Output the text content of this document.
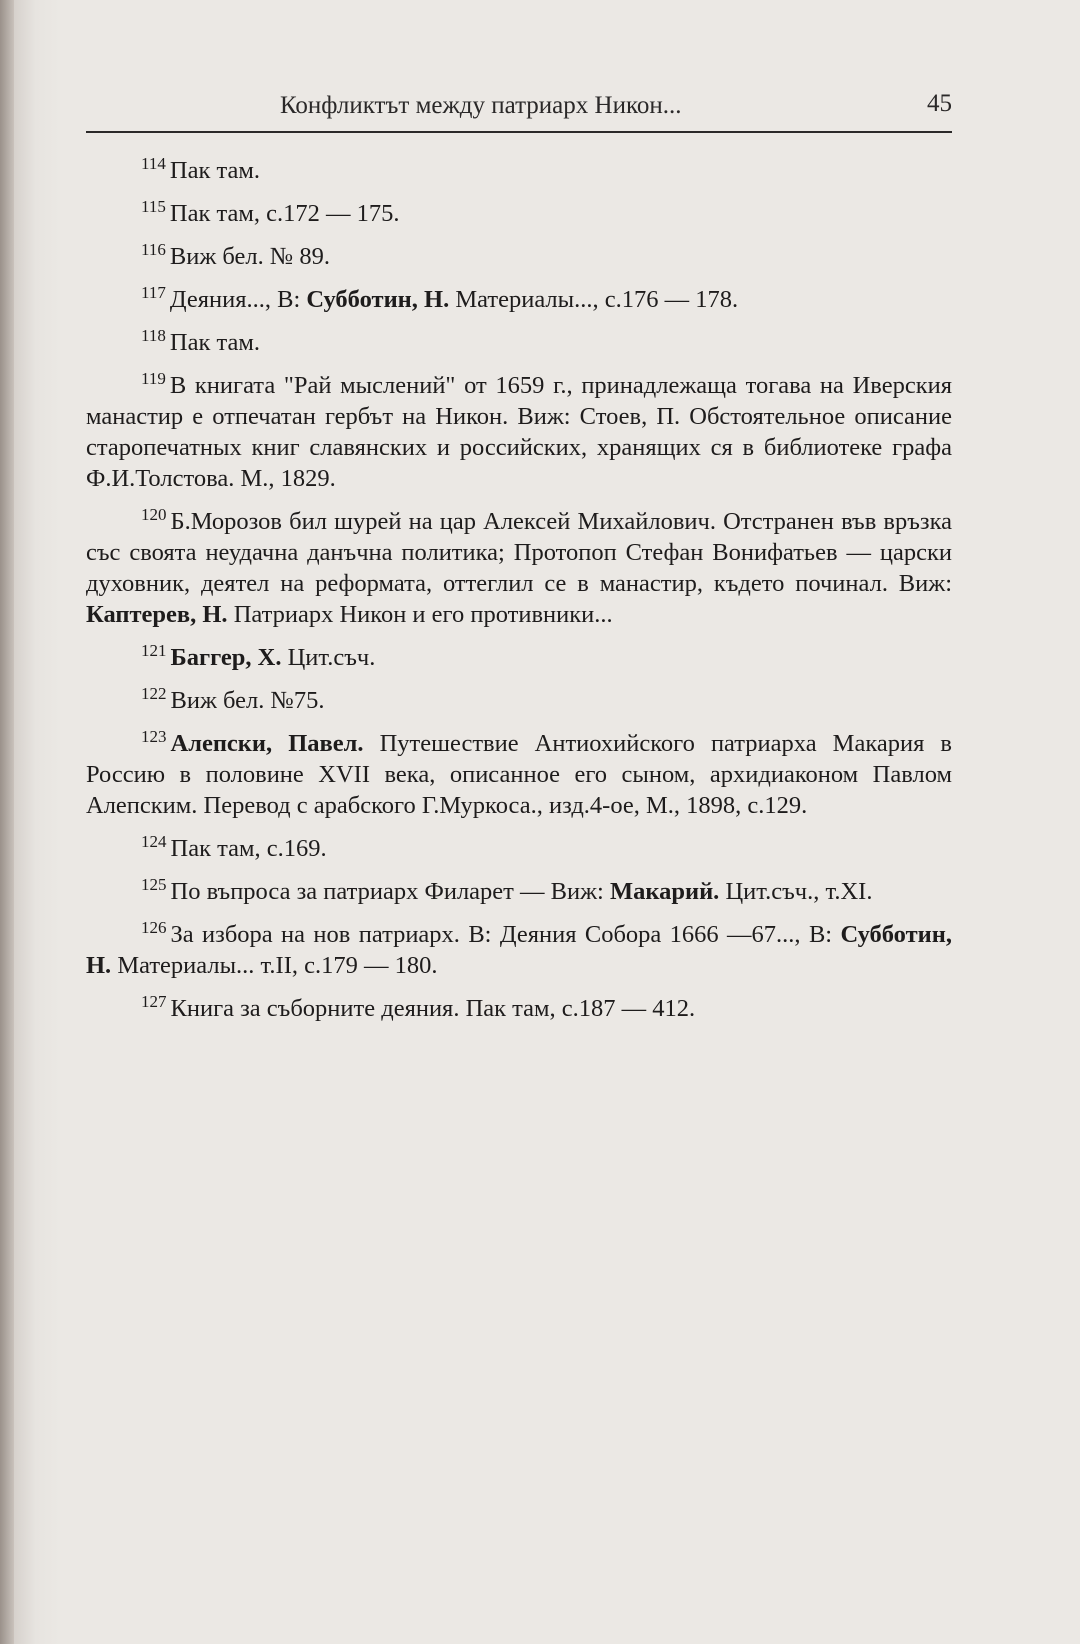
Конфликтът между патриарх Никон...	45

$^{114}$ Пак там.

$^{115}$ Пак там, с.172 — 175.

$^{116}$ Виж бел. № 89.

$^{117}$ Деяния..., В: Субботин, Н. Материалы..., с.176 — 178.

$^{118}$ Пак там.

$^{119}$ В книгата "Рай мыслений" от 1659 г., принадлежаща тогава на Иверския манастир е отпечатан гербът на Никон. Виж: Стоев, П. Обстоятельное описание старопечатных книг славянских и российских, хранящих ся в библиотеке графа Ф.И.Толстова. М., 1829.

$^{120}$ Б.Морозов бил шурей на цар Алексей Михайлович. Отстранен във връзка със своята неудачна данъчна политика; Протопоп Стефан Вонифатьев — царски духовник, деятел на реформата, оттеглил се в манастир, където починал. Виж: Каптерев, Н. Патриарх Никон и его противники...

$^{121}$ Баггер, Х. Цит.съч.

$^{122}$ Виж бел. №75.

$^{123}$ Алепски, Павел. Путешествие Антиохийского патриарха Макария в Россию в половине XVII века, описанное его сыном, архидиаконом Павлом Алепским. Перевод с арабского Г.Муркоса., изд.4-ое, М., 1898, с.129.

$^{124}$ Пак там, с.169.

$^{125}$ По въпроса за патриарх Филарет — Виж: Макарий. Цит.съч., т.XI.

$^{126}$ За избора на нов патриарх. В: Деяния Собора 1666 —67..., В: Субботин, Н. Материалы... т.II, с.179 — 180.

$^{127}$ Книга за съборните деяния. Пак там, с.187 — 412.
